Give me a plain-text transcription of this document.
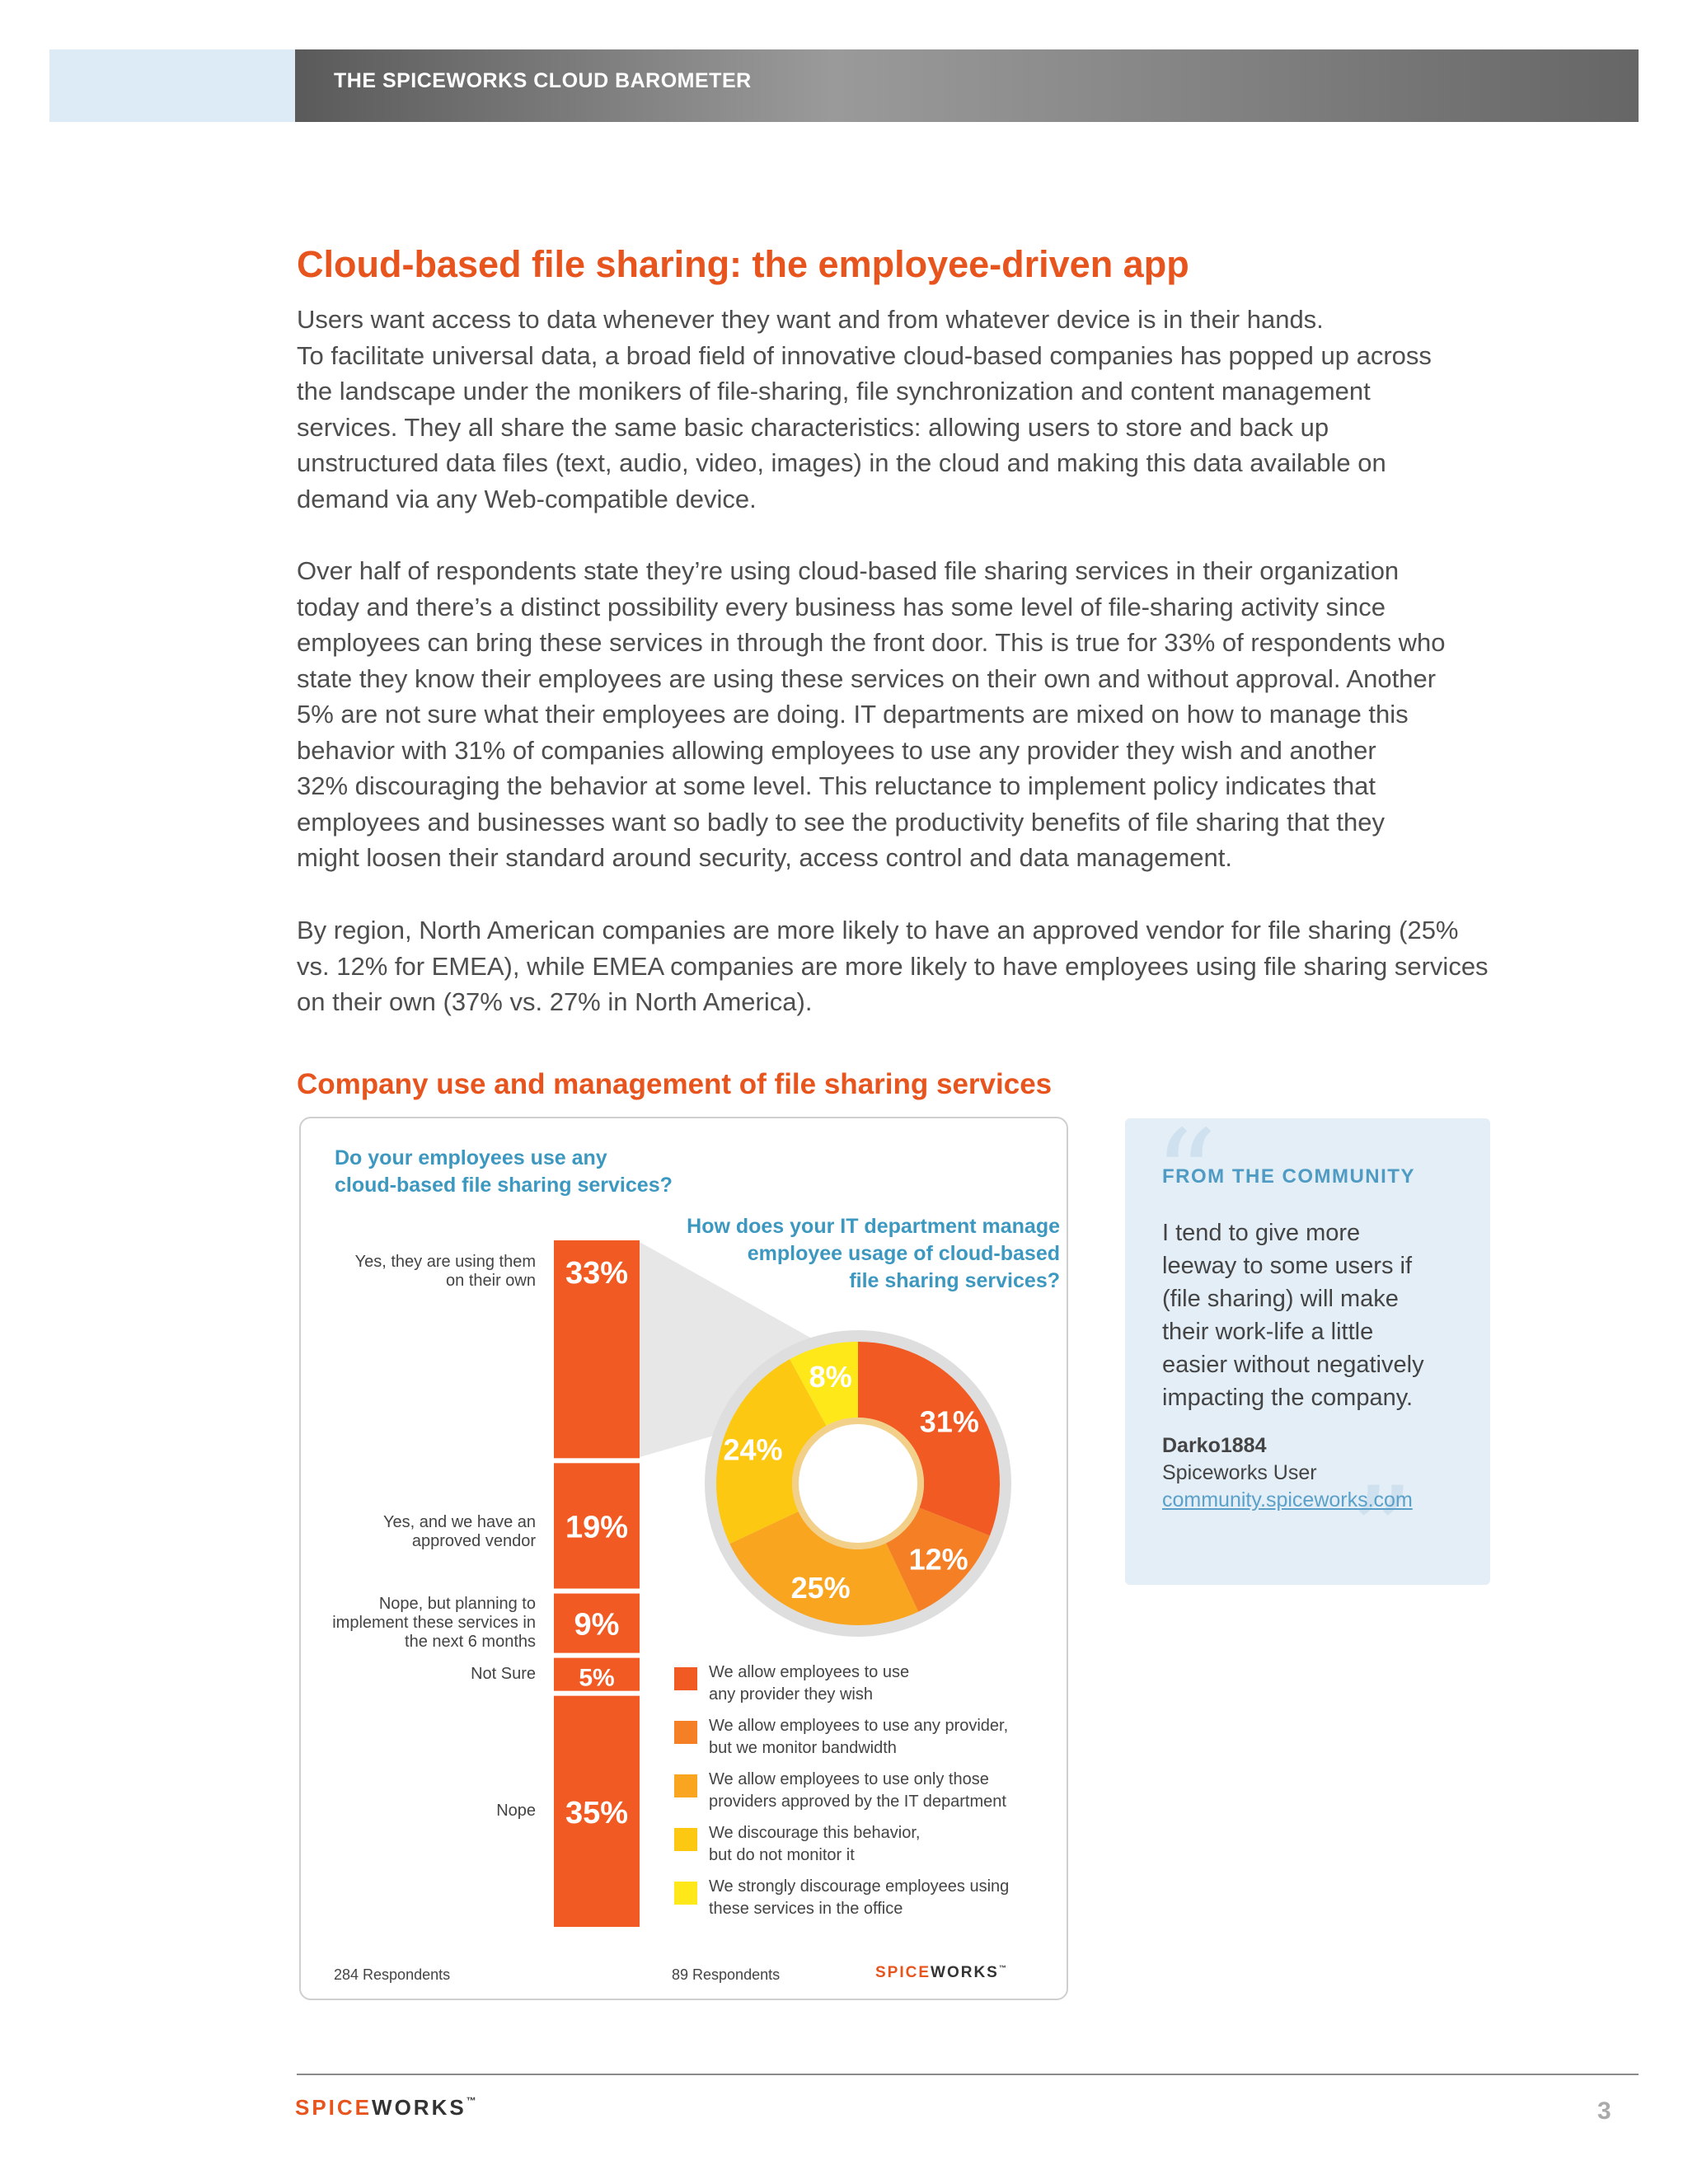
THE SPICEWORKS CLOUD BAROMETER
Cloud-based file sharing: the employee-driven app
Users want access to data whenever they want and from whatever device is in their hands.
To facilitate universal data, a broad field of innovative cloud-based companies has popped up across
the landscape under the monikers of file-sharing, file synchronization and content management
services. They all share the same basic characteristics: allowing users to store and back up
unstructured data files (text, audio, video, images) in the cloud and making this data available on
demand via any Web-compatible device.
Over half of respondents state they’re using cloud-based file sharing services in their organization
today and there’s a distinct possibility every business has some level of file-sharing activity since
employees can bring these services in through the front door. This is true for 33% of respondents who
state they know their employees are using these services on their own and without approval. Another
5% are not sure what their employees are doing. IT departments are mixed on how to manage this
behavior with 31% of companies allowing employees to use any provider they wish and another
32% discouraging the behavior at some level. This reluctance to implement policy indicates that
employees and businesses want so badly to see the productivity benefits of file sharing that they
might loosen their standard around security, access control and data management.
By region, North American companies are more likely to have an approved vendor for file sharing (25%
vs. 12% for EMEA), while EMEA companies are more likely to have employees using file sharing services
on their own (37% vs. 27% in North America).
Company use and management of file sharing services
Do your employees use any
cloud-based file sharing services?
How does your IT department manage
employee usage of cloud-based
file sharing services?
33%
19%
9%
5%
35%
31%
12%
25%
24%
8%
Yes, they are using them
on their own
Yes, and we have an
approved vendor
Nope, but planning to
implement these services in
the next 6 months
Not Sure
Nope
We allow employees to use
any provider they wish
We allow employees to use any provider,
but we monitor bandwidth
We allow employees to use only those
providers approved by the IT department
We discourage this behavior,
but do not monitor it
We strongly discourage employees using
these services in the office
284 Respondents	89 Respondents	SPICEWORKS™
“
”
FROM THE COMMUNITY
I tend to give more
leeway to some users if
(file sharing) will make
their work-life a little
easier without negatively
impacting the company.
Darko1884
Spiceworks User
community.spiceworks.com
SPICEWORKS™	3
